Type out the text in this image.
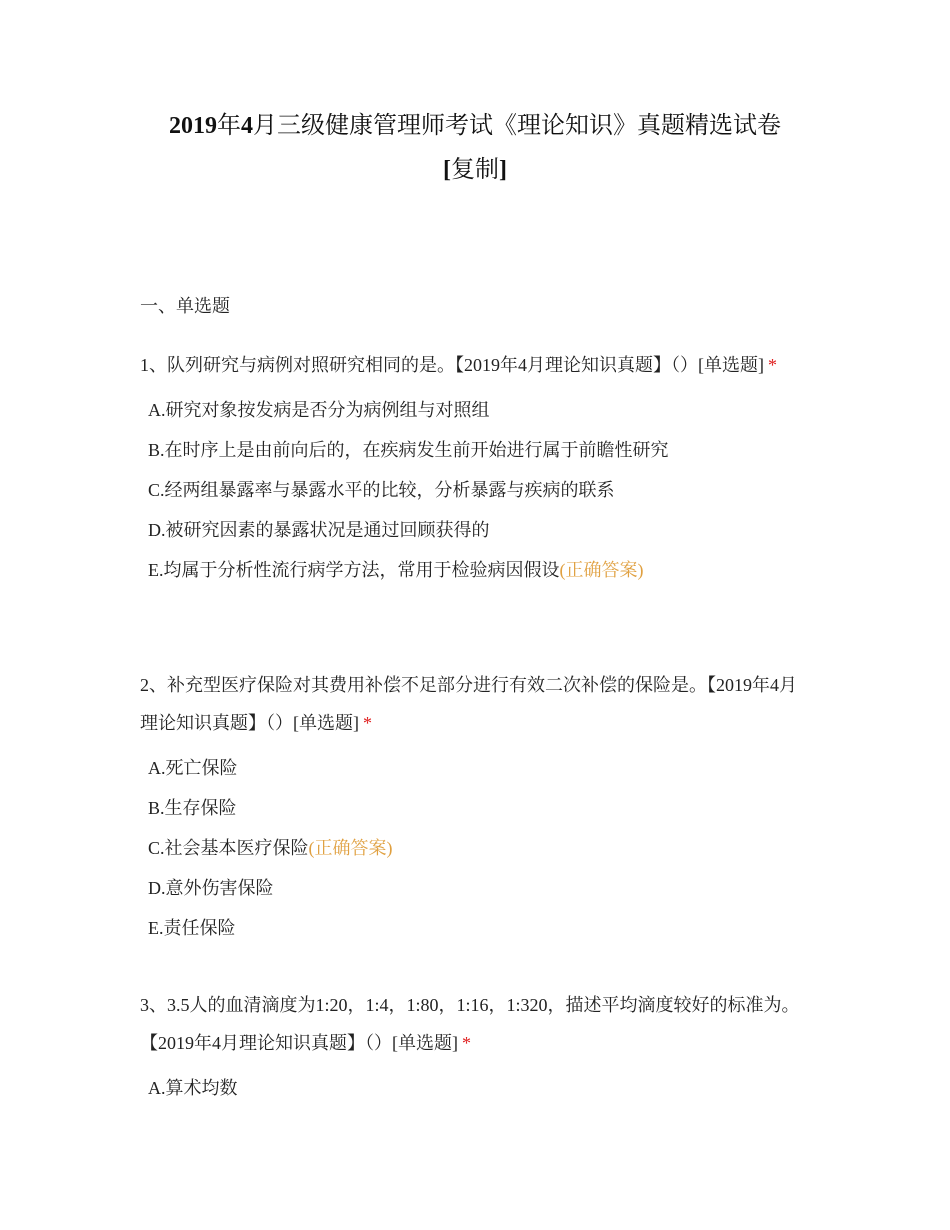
2019年4月三级健康管理师考试《理论知识》真题精选试卷
[复制]
一、单选题

1、队列研究与病例对照研究相同的是。【2019年4月理论知识真题】（）[单选题] *

A.研究对象按发病是否分为病例组与对照组
B.在时序上是由前向后的，在疾病发生前开始进行属于前瞻性研究
C.经两组暴露率与暴露水平的比较，分析暴露与疾病的联系
D.被研究因素的暴露状况是通过回顾获得的
E.均属于分析性流行病学方法，常用于检验病因假设(正确答案)

2、补充型医疗保险对其费用补偿不足部分进行有效二次补偿的保险是。【2019年4月理论知识真题】（）[单选题] *

A.死亡保险
B.生存保险
C.社会基本医疗保险(正确答案)
D.意外伤害保险
E.责任保险

3、3.5人的血清滴度为1:20，1:4，1:80，1:16，1:320，描述平均滴度较好的标准为。【2019年4月理论知识真题】（）[单选题] *

A.算术均数
